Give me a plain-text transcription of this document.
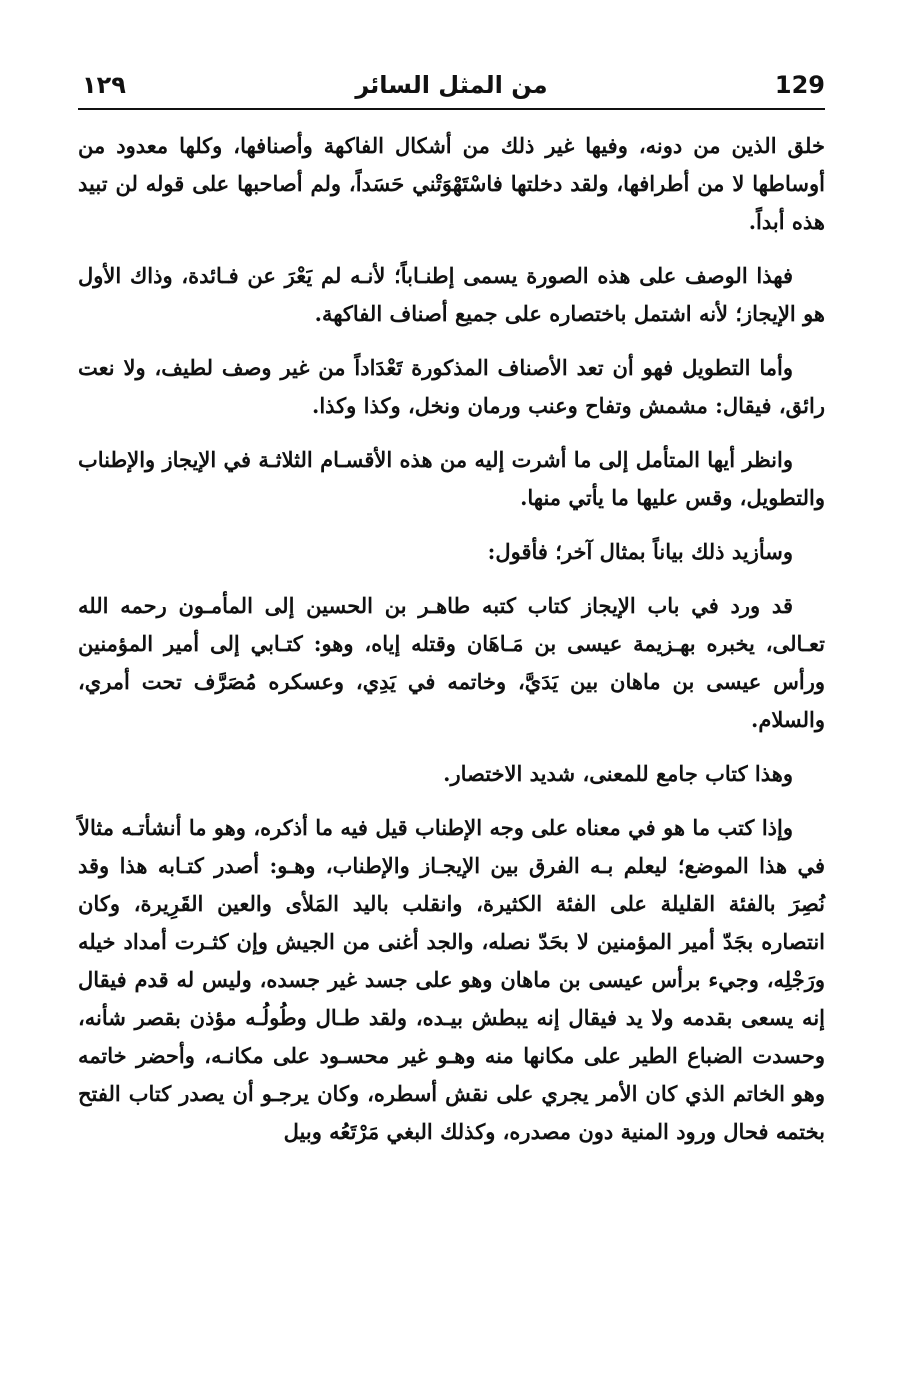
١٢٩	من المثل السائر	129

خلق الذين من دونه، وفيها غير ذلك من أشكال الفاكهة وأصنافها، وكلها معدود من أوساطها لا من أطرافها، ولقد دخلتها فاسْتَهْوَتْني حَسَداً، ولم أصاحبها على قوله لن تبيد هذه أبداً.

فهذا الوصف على هذه الصورة يسمى إطنـاباً؛ لأنـه لم يَعْرَ عن فـائدة، وذاك الأول هو الإيجاز؛ لأنه اشتمل باختصاره على جميع أصناف الفاكهة.

وأما التطويل فهو أن تعد الأصناف المذكورة تَعْدَاداً من غير وصف لطيف، ولا نعت رائق، فيقال: مشمش وتفاح وعنب ورمان ونخل، وكذا وكذا.

وانظر أيها المتأمل إلى ما أشرت إليه من هذه الأقسـام الثلاثـة في الإيجاز والإطناب والتطويل، وقس عليها ما يأتي منها.

وسأزيد ذلك بياناً بمثال آخر؛ فأقول:

قد ورد في باب الإيجاز كتاب كتبه طاهـر بن الحسين إلى المأمـون رحمه الله تعـالى، يخبره بهـزيمة عيسى بن مَـاهَان وقتله إياه، وهو: كتـابي إلى أمير المؤمنين ورأس عيسى بن ماهان بين يَدَيَّ، وخاتمه في يَدِي، وعسكره مُصَرَّف تحت أمري، والسلام.

وهذا كتاب جامع للمعنى، شديد الاختصار.

وإذا كتب ما هو في معناه على وجه الإطناب قيل فيه ما أذكره، وهو ما أنشأتـه مثالاً في هذا الموضع؛ ليعلم بـه الفرق بين الإيجـاز والإطناب، وهـو: أصدر كتـابه هذا وقد نُصِرَ بالفئة القليلة على الفئة الكثيرة، وانقلب باليد المَلأى والعين القَرِيرة، وكان انتصاره بجَدّ أمير المؤمنين لا بحَدّ نصله، والجد أغنى من الجيش وإن كثـرت أمداد خيله ورَجْلِه، وجيء برأس عيسى بن ماهان وهو على جسد غير جسده، وليس له قدم فيقال إنه يسعى بقدمه ولا يد فيقال إنه يبطش بيـده، ولقد طـال وطُولُـه مؤذن بقصر شأنه، وحسدت الضباع الطير على مكانها منه وهـو غير محسـود على مكانـه، وأحضر خاتمه وهو الخاتم الذي كان الأمر يجري على نقش أسطره، وكان يرجـو أن يصدر كتاب الفتح بختمه فحال ورود المنية دون مصدره، وكذلك البغي مَرْتَعُه وبيل
